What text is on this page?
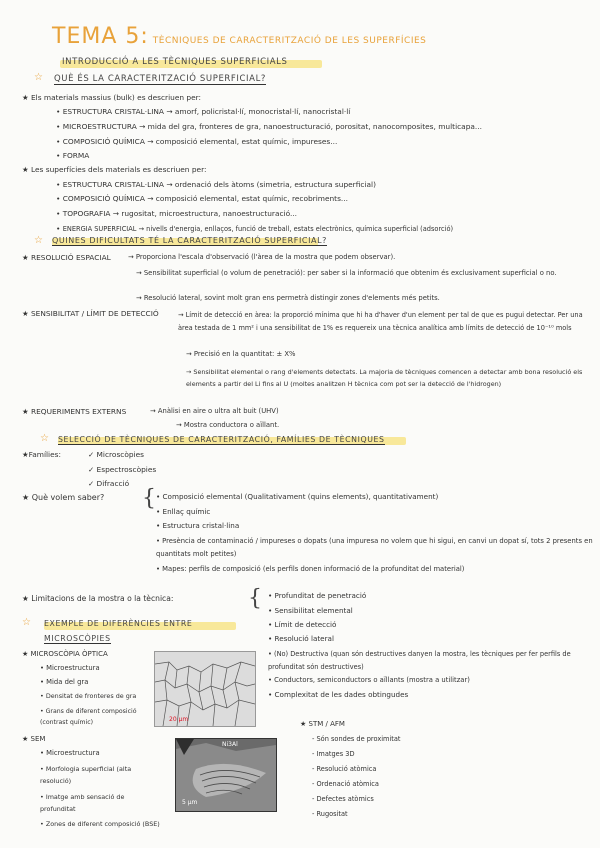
TEMA 5: TÈCNIQUES DE CARACTERITZACIÓ DE LES SUPERFÍCIES
INTRODUCCIÓ A LES TÈCNIQUES SUPERFICIALS
☆ QUÈ ÉS LA CARACTERITZACIÓ SUPERFICIAL?
★ Els materials massius (bulk) es descriuen per:
• ESTRUCTURA CRISTAL·LINA → amorf, policristal·lí, monocristal·lí, nanocristal·lí
• MICROESTRUCTURA → mida del gra, fronteres de gra, nanoestructuració, porositat, nanocomposites, multicapa...
• COMPOSICIÓ QUÍMICA → composició elemental, estat químic, impureses...
• FORMA
★ Les superfícies dels materials es descriuen per:
• ESTRUCTURA CRISTAL·LINA → ordenació dels àtoms (simetria, estructura superficial)
• COMPOSICIÓ QUÍMICA → composició elemental, estat químic, recobriments...
• TOPOGRAFIA → rugositat, microestructura, nanoestructuració...
• ENERGIA SUPERFICIAL → nivells d'energia, enllaços, funció de treball, estats electrònics, química superficial (adsorció)
☆ QUINES DIFICULTATS TÉ LA CARACTERITZACIÓ SUPERFICIAL?
★ RESOLUCIÓ ESPACIAL	→ Proporciona l'escala d'observació (l'àrea de la mostra que podem observar).
→ Sensibilitat superficial (o volum de penetració): per saber si la informació que obtenim és exclusivament superficial o no.
→ Resolució lateral, sovint molt gran ens permetrà distingir zones d'elements més petits.
★ SENSIBILITAT / LÍMIT DE DETECCIÓ	→ Límit de detecció en àrea: la proporció mínima que hi ha d'haver d'un element per tal de que es pugui detectar. Per una àrea testada de 1 mm² i una sensibilitat de 1% es requereix una tècnica analítica amb límits de detecció de 10⁻¹⁰ mols
→ Precisió en la quantitat: ± X%
→ Sensibilitat elemental o rang d'elements detectats. La majoria de tècniques comencen a detectar amb bona resolució els elements a partir del Li fins al U (moltes analitzen H tècnica com pot ser la detecció de l'hidrogen)
★ REQUERIMENTS EXTERNS	→ Anàlisi en aire o ultra alt buit (UHV)
→ Mostra conductora o aïllant.
☆ SELECCIÓ DE TÈCNIQUES DE CARACTERITZACIÓ, FAMÍLIES DE TÈCNIQUES
★Famílies:	✓ Microscòpies
✓ Espectroscòpies
✓ Difracció
★ Què volem saber? { • Composició elemental (Qualitativament (quins elements), quantitativament)
• Enllaç químic
• Estructura cristal·lina
• Presència de contaminació / impureses o dopats (una impuresa no volem que hi sigui, en canvi un dopat sí, tots 2 presents en quantitats molt petites)
• Mapes: perfils de composició (els perfils donen informació de la profunditat del material)
★ Limitacions de la mostra o la tècnica:	{ • Profunditat de penetració
• Sensibilitat elemental
• Límit de detecció
• Resolució lateral
• (No) Destructiva (quan són destructives danyen la mostra, les tècniques per fer perfils de profunditat són destructives)
• Conductors, semiconductors o aïllants (mostra a utilitzar)
• Complexitat de les dades obtingudes
☆ EXEMPLE DE DIFERÈNCIES ENTRE
MICROSCÒPIES
★ MICROSCÒPIA ÒPTICA
• Microestructura
• Mida del gra
• Densitat de fronteres de gra
• Grans de diferent composició (contrast químic)	20 μm
★ SEM
• Microestructura
• Morfologia superficial (alta resolució)
• Imatge amb sensació de profunditat
• Zones de diferent composició (BSE)
Ni3Al
5 μm
★ STM / AFM
- Són sondes de proximitat
- Imatges 3D
- Resolució atòmica
- Ordenació atòmica
- Defectes atòmics
- Rugositat
